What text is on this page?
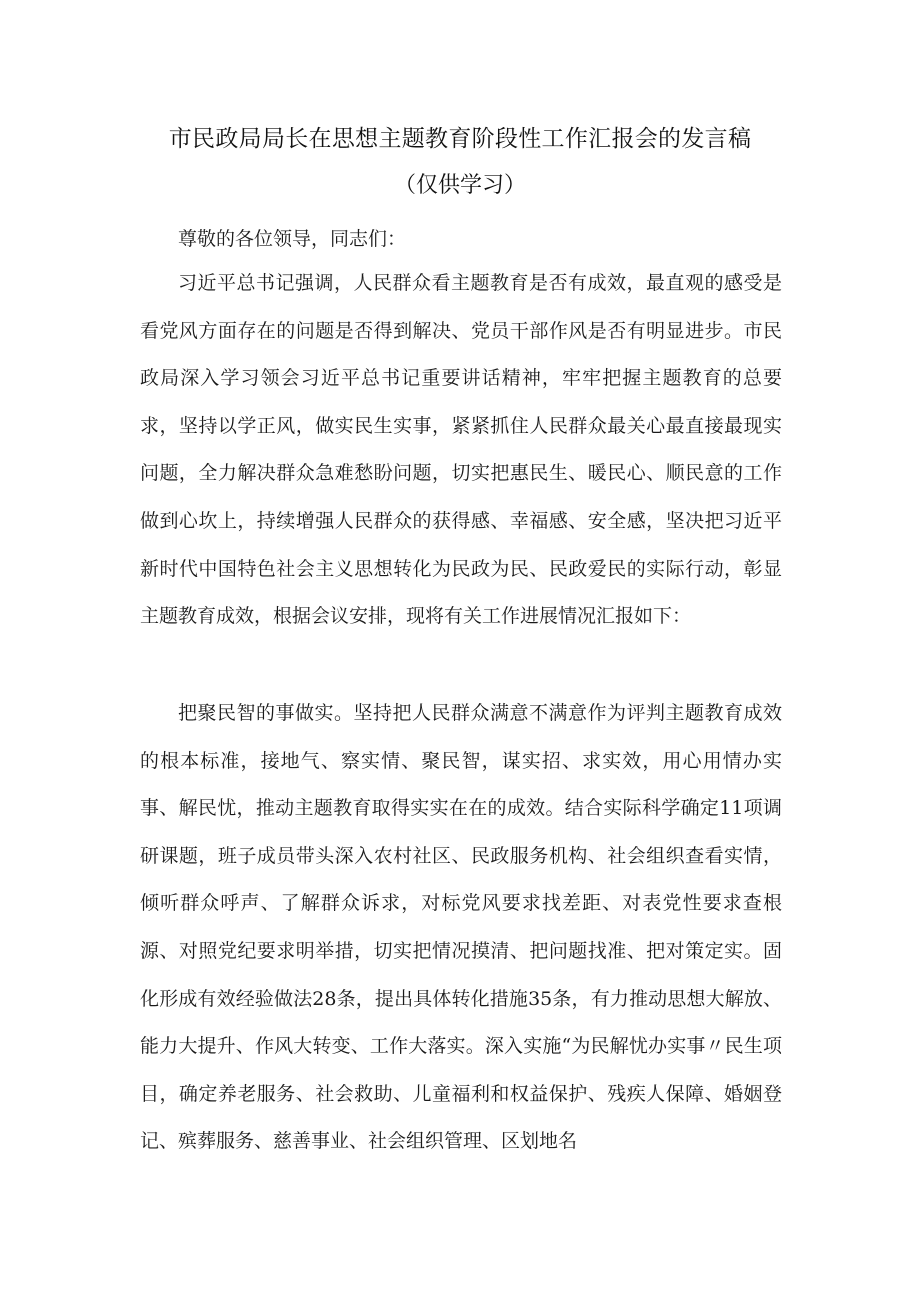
市民政局局长在思想主题教育阶段性工作汇报会的发言稿
（仅供学习）

尊敬的各位领导，同志们：

习近平总书记强调，人民群众看主题教育是否有成效，最直观的感受是看党风方面存在的问题是否得到解决、党员干部作风是否有明显进步。市民政局深入学习领会习近平总书记重要讲话精神，牢牢把握主题教育的总要求，坚持以学正风，做实民生实事，紧紧抓住人民群众最关心最直接最现实问题，全力解决群众急难愁盼问题，切实把惠民生、暖民心、顺民意的工作做到心坎上，持续增强人民群众的获得感、幸福感、安全感，坚决把习近平新时代中国特色社会主义思想转化为民政为民、民政爱民的实际行动，彰显主题教育成效，根据会议安排，现将有关工作进展情况汇报如下：

把聚民智的事做实。坚持把人民群众满意不满意作为评判主题教育成效的根本标准，接地气、察实情、聚民智，谋实招、求实效，用心用情办实事、解民忧，推动主题教育取得实实在在的成效。结合实际科学确定11项调研课题，班子成员带头深入农村社区、民政服务机构、社会组织查看实情，倾听群众呼声、了解群众诉求，对标党风要求找差距、对表党性要求查根源、对照党纪要求明举措，切实把情况摸清、把问题找准、把对策定实。固化形成有效经验做法28条，提出具体转化措施35条，有力推动思想大解放、能力大提升、作风大转变、工作大落实。深入实施“为民解忧办实事〃民生项目，确定养老服务、社会救助、儿童福利和权益保护、残疾人保障、婚姻登记、殡葬服务、慈善事业、社会组织管理、区划地名
